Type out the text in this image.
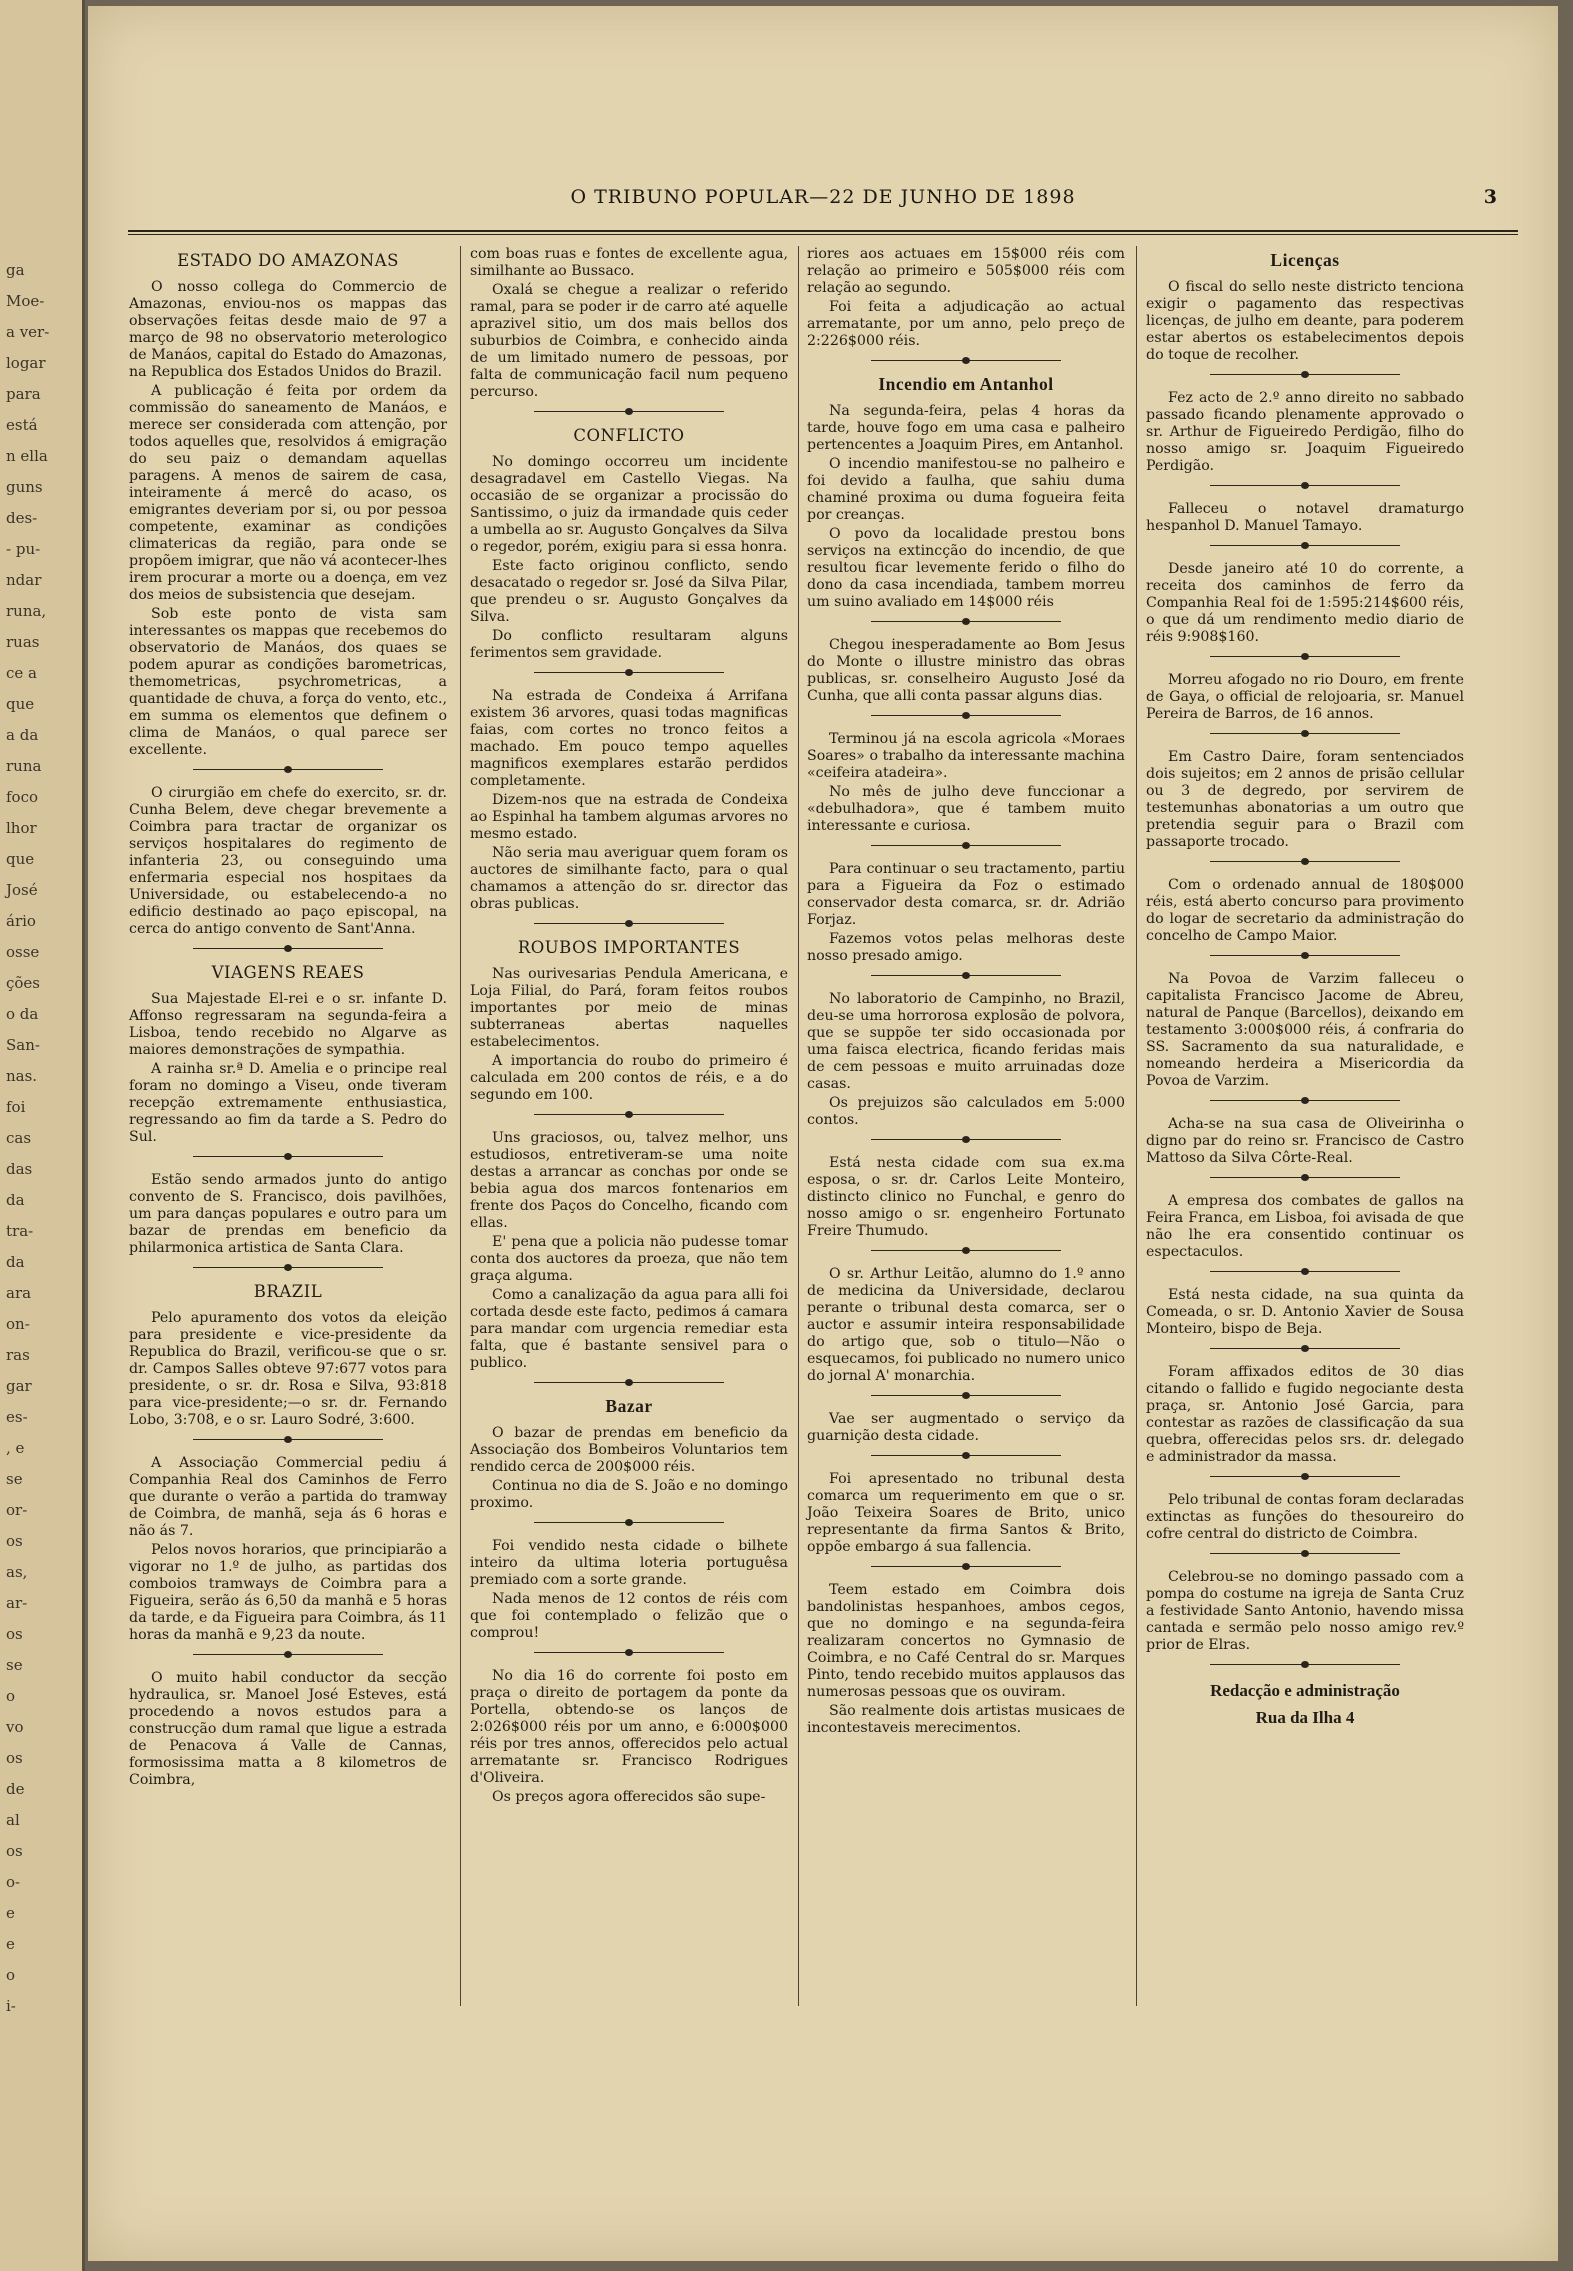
ga
Moe-
a ver-
logar
para
está
n ella
guns
des-
- pu-
ndar
runa,
ruas
ce a
que
a da
runa
foco
lhor
que
José
ário
osse
ções
o da
San-
nas.
foi
cas
das
da
tra-
da
ara
on-
ras
gar
es-
, e
se
or-
os
as,
ar-
os
se
o
vo
os
de
al
os
o-
e
e
o
i-
O TRIBUNO POPULAR—22 DE JUNHO DE 1898	3
ESTADO DO AMAZONAS

O nosso collega do Commercio de Amazonas, enviou-nos os mappas das observações feitas desde maio de 97 a março de 98 no observatorio meterologico de Manáos, capital do Estado do Amazonas, na Republica dos Estados Unidos do Brazil.

A publicação é feita por ordem da commissão do saneamento de Manáos, e merece ser considerada com attenção, por todos aquelles que, resolvidos á emigração do seu paiz o demandam aquellas paragens. A menos de sairem de casa, inteiramente á mercê do acaso, os emigrantes deveriam por si, ou por pessoa competente, examinar as condições climatericas da região, para onde se propõem imigrar, que não vá acontecer-lhes irem procurar a morte ou a doença, em vez dos meios de subsistencia que desejam.

Sob este ponto de vista sam interessantes os mappas que recebemos do observatorio de Manáos, dos quaes se podem apurar as condições barometricas, themometricas, psychrometricas, a quantidade de chuva, a força do vento, etc., em summa os elementos que definem o clima de Manáos, o qual parece ser excellente.

O cirurgião em chefe do exercito, sr. dr. Cunha Belem, deve chegar brevemente a Coimbra para tractar de organizar os serviços hospitalares do regimento de infanteria 23, ou conseguindo uma enfermaria especial nos hospitaes da Universidade, ou estabelecendo-a no edificio destinado ao paço episcopal, na cerca do antigo convento de Sant'Anna.

VIAGENS REAES

Sua Majestade El-rei e o sr. infante D. Affonso regressaram na segunda-feira a Lisboa, tendo recebido no Algarve as maiores demonstrações de sympathia.

A rainha sr.ª D. Amelia e o principe real foram no domingo a Viseu, onde tiveram recepção extremamente enthusiastica, regressando ao fim da tarde a S. Pedro do Sul.

Estão sendo armados junto do antigo convento de S. Francisco, dois pavilhões, um para danças populares e outro para um bazar de prendas em beneficio da philarmonica artistica de Santa Clara.

BRAZIL

Pelo apuramento dos votos da eleição para presidente e vice-presidente da Republica do Brazil, verificou-se que o sr. dr. Campos Salles obteve 97:677 votos para presidente, o sr. dr. Rosa e Silva, 93:818 para vice-presidente;—o sr. dr. Fernando Lobo, 3:708, e o sr. Lauro Sodré, 3:600.

A Associação Commercial pediu á Companhia Real dos Caminhos de Ferro que durante o verão a partida do tramway de Coimbra, de manhã, seja ás 6 horas e não ás 7.

Pelos novos horarios, que principiarão a vigorar no 1.º de julho, as partidas dos comboios tramways de Coimbra para a Figueira, serão ás 6,50 da manhã e 5 horas da tarde, e da Figueira para Coimbra, ás 11 horas da manhã e 9,23 da noute.

O muito habil conductor da secção hydraulica, sr. Manoel José Esteves, está procedendo a novos estudos para a construcção dum ramal que ligue a estrada de Penacova á Valle de Cannas, formosissima matta a 8 kilometros de Coimbra,

com boas ruas e fontes de excellente agua, similhante ao Bussaco.

Oxalá se chegue a realizar o referido ramal, para se poder ir de carro até aquelle aprazivel sitio, um dos mais bellos dos suburbios de Coimbra, e conhecido ainda de um limitado numero de pessoas, por falta de communicação facil num pequeno percurso.

CONFLICTO

No domingo occorreu um incidente desagradavel em Castello Viegas. Na occasião de se organizar a procissão do Santissimo, o juiz da irmandade quis ceder a umbella ao sr. Augusto Gonçalves da Silva o regedor, porém, exigiu para si essa honra.

Este facto originou conflicto, sendo desacatado o regedor sr. José da Silva Pilar, que prendeu o sr. Augusto Gonçalves da Silva.

Do conflicto resultaram alguns ferimentos sem gravidade.

Na estrada de Condeixa á Arrifana existem 36 arvores, quasi todas magnificas faias, com cortes no tronco feitos a machado. Em pouco tempo aquelles magnificos exemplares estarão perdidos completamente.

Dizem-nos que na estrada de Condeixa ao Espinhal ha tambem algumas arvores no mesmo estado.

Não seria mau averiguar quem foram os auctores de similhante facto, para o qual chamamos a attenção do sr. director das obras publicas.

ROUBOS IMPORTANTES

Nas ourivesarias Pendula Americana, e Loja Filial, do Pará, foram feitos roubos importantes por meio de minas subterraneas abertas naquelles estabelecimentos.

A importancia do roubo do primeiro é calculada em 200 contos de réis, e a do segundo em 100.

Uns graciosos, ou, talvez melhor, uns estudiosos, entretiveram-se uma noite destas a arrancar as conchas por onde se bebia agua dos marcos fontenarios em frente dos Paços do Concelho, ficando com ellas.

E' pena que a policia não pudesse tomar conta dos auctores da proeza, que não tem graça alguma.

Como a canalização da agua para alli foi cortada desde este facto, pedimos á camara para mandar com urgencia remediar esta falta, que é bastante sensivel para o publico.

Bazar

O bazar de prendas em beneficio da Associação dos Bombeiros Voluntarios tem rendido cerca de 200$000 réis.

Continua no dia de S. João e no domingo proximo.

Foi vendido nesta cidade o bilhete inteiro da ultima loteria portuguêsa premiado com a sorte grande.

Nada menos de 12 contos de réis com que foi contemplado o felizão que o comprou!

No dia 16 do corrente foi posto em praça o direito de portagem da ponte da Portella, obtendo-se os lanços de 2:026$000 réis por um anno, e 6:000$000 réis por tres annos, offerecidos pelo actual arrematante sr. Francisco Rodrigues d'Oliveira.

Os preços agora offerecidos são supe-

riores aos actuaes em 15$000 réis com relação ao primeiro e 505$000 réis com relação ao segundo.

Foi feita a adjudicação ao actual arrematante, por um anno, pelo preço de 2:226$000 réis.

Incendio em Antanhol

Na segunda-feira, pelas 4 horas da tarde, houve fogo em uma casa e palheiro pertencentes a Joaquim Pires, em Antanhol.

O incendio manifestou-se no palheiro e foi devido a faulha, que sahiu duma chaminé proxima ou duma fogueira feita por creanças.

O povo da localidade prestou bons serviços na extincção do incendio, de que resultou ficar levemente ferido o filho do dono da casa incendiada, tambem morreu um suino avaliado em 14$000 réis

Chegou inesperadamente ao Bom Jesus do Monte o illustre ministro das obras publicas, sr. conselheiro Augusto José da Cunha, que alli conta passar alguns dias.

Terminou já na escola agricola «Moraes Soares» o trabalho da interessante machina «ceifeira atadeira».

No mês de julho deve funccionar a «debulhadora», que é tambem muito interessante e curiosa.

Para continuar o seu tractamento, partiu para a Figueira da Foz o estimado conservador desta comarca, sr. dr. Adrião Forjaz.

Fazemos votos pelas melhoras deste nosso presado amigo.

No laboratorio de Campinho, no Brazil, deu-se uma horrorosa explosão de polvora, que se suppõe ter sido occasionada por uma faisca electrica, ficando feridas mais de cem pessoas e muito arruinadas doze casas.

Os prejuizos são calculados em 5:000 contos.

Está nesta cidade com sua ex.ma esposa, o sr. dr. Carlos Leite Monteiro, distincto clinico no Funchal, e genro do nosso amigo o sr. engenheiro Fortunato Freire Thumudo.

O sr. Arthur Leitão, alumno do 1.º anno de medicina da Universidade, declarou perante o tribunal desta comarca, ser o auctor e assumir inteira responsabilidade do artigo que, sob o titulo—Não o esquecamos, foi publicado no numero unico do jornal A' monarchia.

Vae ser augmentado o serviço da guarnição desta cidade.

Foi apresentado no tribunal desta comarca um requerimento em que o sr. João Teixeira Soares de Brito, unico representante da firma Santos & Brito, oppõe embargo á sua fallencia.

Teem estado em Coimbra dois bandolinistas hespanhoes, ambos cegos, que no domingo e na segunda-feira realizaram concertos no Gymnasio de Coimbra, e no Café Central do sr. Marques Pinto, tendo recebido muitos applausos das numerosas pessoas que os ouviram.

São realmente dois artistas musicaes de incontestaveis merecimentos.

Licenças

O fiscal do sello neste districto tenciona exigir o pagamento das respectivas licenças, de julho em deante, para poderem estar abertos os estabelecimentos depois do toque de recolher.

Fez acto de 2.º anno direito no sabbado passado ficando plenamente approvado o sr. Arthur de Figueiredo Perdigão, filho do nosso amigo sr. Joaquim Figueiredo Perdigão.

Falleceu o notavel dramaturgo hespanhol D. Manuel Tamayo.

Desde janeiro até 10 do corrente, a receita dos caminhos de ferro da Companhia Real foi de 1:595:214$600 réis, o que dá um rendimento medio diario de réis 9:908$160.

Morreu afogado no rio Douro, em frente de Gaya, o official de relojoaria, sr. Manuel Pereira de Barros, de 16 annos.

Em Castro Daire, foram sentenciados dois sujeitos; em 2 annos de prisão cellular ou 3 de degredo, por servirem de testemunhas abonatorias a um outro que pretendia seguir para o Brazil com passaporte trocado.

Com o ordenado annual de 180$000 réis, está aberto concurso para provimento do logar de secretario da administração do concelho de Campo Maior.

Na Povoa de Varzim falleceu o capitalista Francisco Jacome de Abreu, natural de Panque (Barcellos), deixando em testamento 3:000$000 réis, á confraria do SS. Sacramento da sua naturalidade, e nomeando herdeira a Misericordia da Povoa de Varzim.

Acha-se na sua casa de Oliveirinha o digno par do reino sr. Francisco de Castro Mattoso da Silva Côrte-Real.

A empresa dos combates de gallos na Feira Franca, em Lisboa, foi avisada de que não lhe era consentido continuar os espectaculos.

Está nesta cidade, na sua quinta da Comeada, o sr. D. Antonio Xavier de Sousa Monteiro, bispo de Beja.

Foram affixados editos de 30 dias citando o fallido e fugido negociante desta praça, sr. Antonio José Garcia, para contestar as razões de classificação da sua quebra, offerecidas pelos srs. dr. delegado e administrador da massa.

Pelo tribunal de contas foram declaradas extinctas as funções do thesoureiro do cofre central do districto de Coimbra.

Celebrou-se no domingo passado com a pompa do costume na igreja de Santa Cruz a festividade Santo Antonio, havendo missa cantada e sermão pelo nosso amigo rev.º prior de Elras.

Redacção e administração
Rua da Ilha 4
